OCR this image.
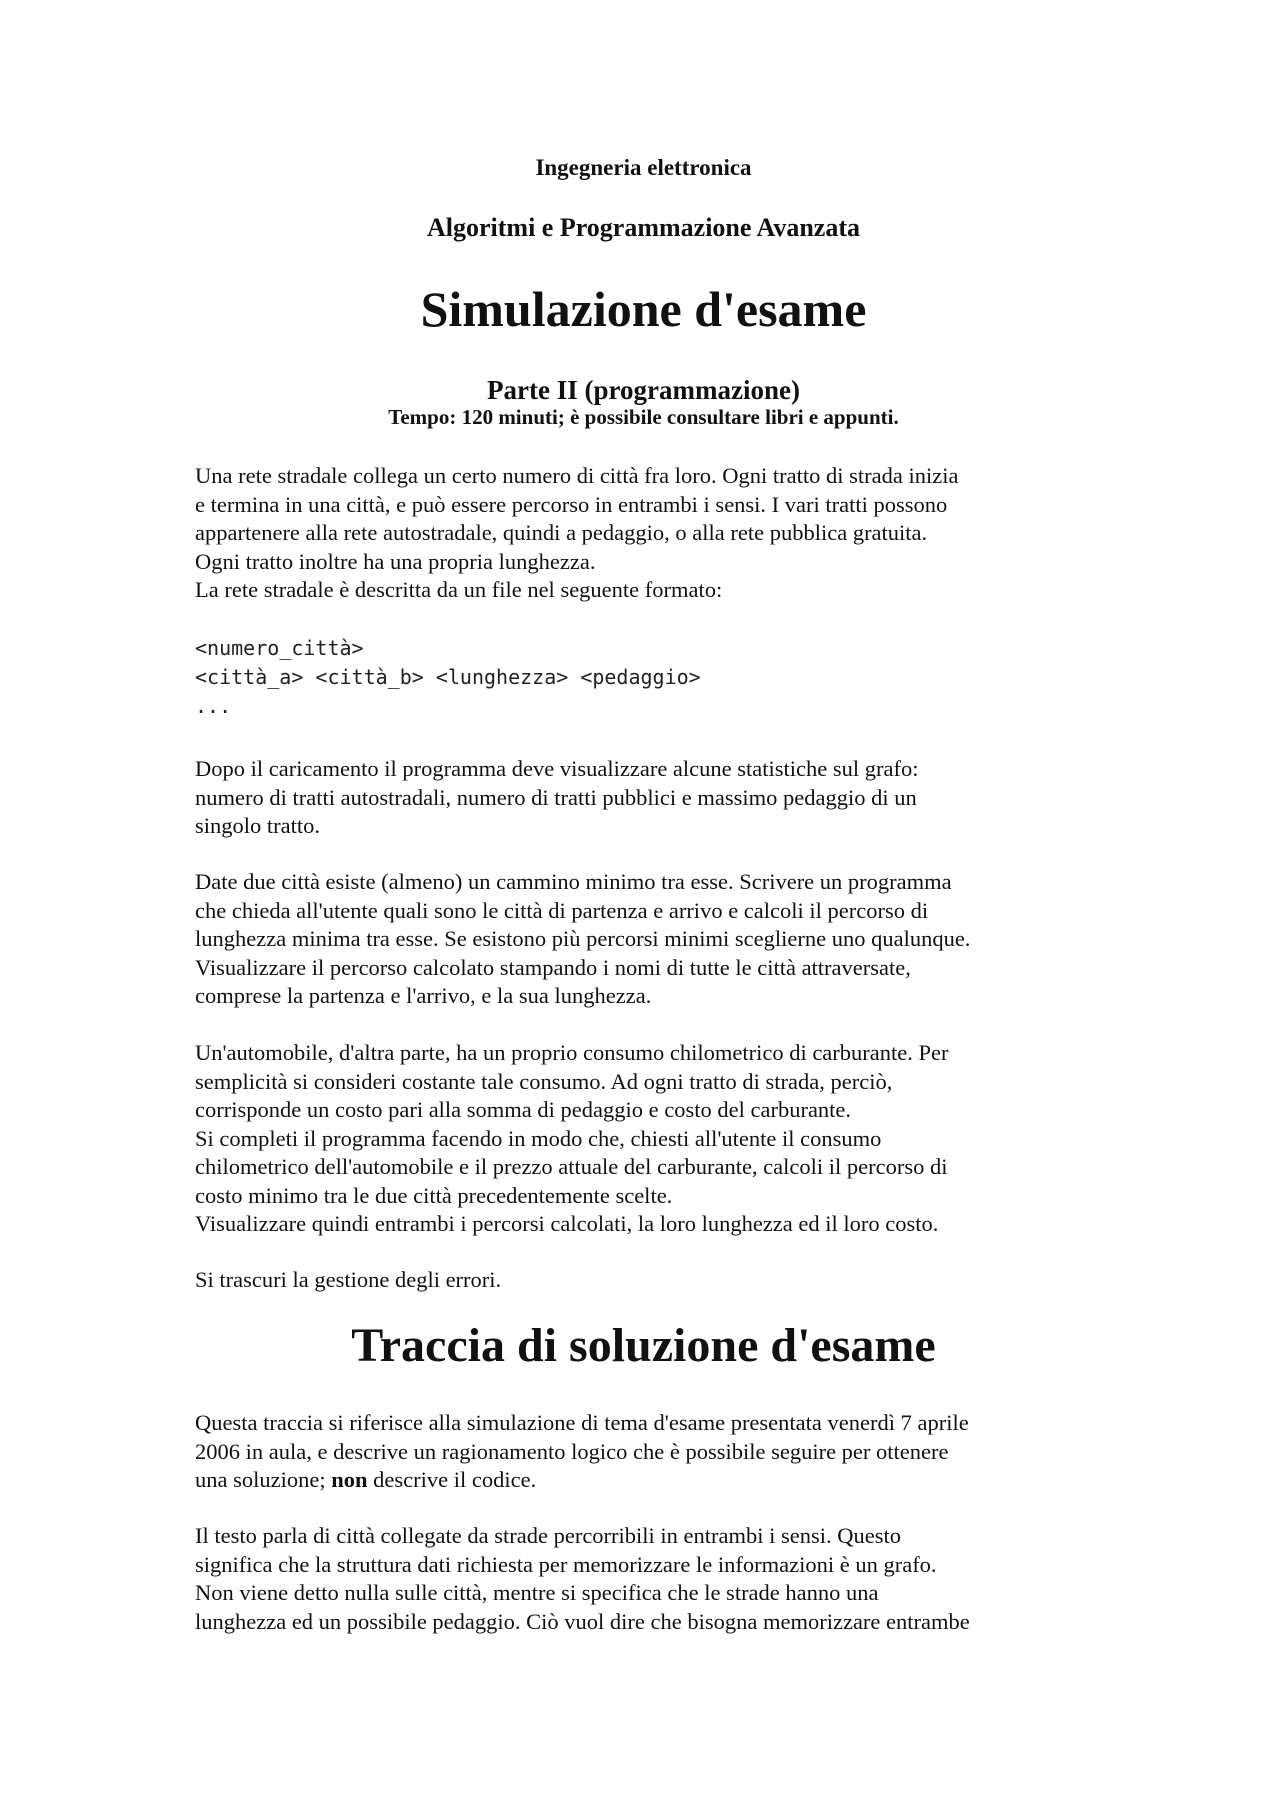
Ingegneria elettronica

Algoritmi e Programmazione Avanzata

Simulazione d'esame

Parte II (programmazione)

Tempo: 120 minuti; è possibile consultare libri e appunti.

Una rete stradale collega un certo numero di città fra loro. Ogni tratto di strada inizia

e termina in una città, e può essere percorso in entrambi i sensi. I vari tratti possono

appartenere alla rete autostradale, quindi a pedaggio, o alla rete pubblica gratuita.

Ogni tratto inoltre ha una propria lunghezza.

La rete stradale è descritta da un file nel seguente formato:

<numero_città>
<città_a> <città_b> <lunghezza> <pedaggio>
...

Dopo il caricamento il programma deve visualizzare alcune statistiche sul grafo:

numero di tratti autostradali, numero di tratti pubblici e massimo pedaggio di un

singolo tratto.

Date due città esiste (almeno) un cammino minimo tra esse. Scrivere un programma

che chieda all'utente quali sono le città di partenza e arrivo e calcoli il percorso di

lunghezza minima tra esse. Se esistono più percorsi minimi sceglierne uno qualunque.

Visualizzare il percorso calcolato stampando i nomi di tutte le città attraversate,

comprese la partenza e l'arrivo, e la sua lunghezza.

Un'automobile, d'altra parte, ha un proprio consumo chilometrico di carburante. Per

semplicità si consideri costante tale consumo. Ad ogni tratto di strada, perciò,

corrisponde un costo pari alla somma di pedaggio e costo del carburante.

Si completi il programma facendo in modo che, chiesti all'utente il consumo

chilometrico dell'automobile e il prezzo attuale del carburante, calcoli il percorso di

costo minimo tra le due città precedentemente scelte.

Visualizzare quindi entrambi i percorsi calcolati, la loro lunghezza ed il loro costo.

Si trascuri la gestione degli errori.

Traccia di soluzione d'esame

Questa traccia si riferisce alla simulazione di tema d'esame presentata venerdì 7 aprile

2006 in aula, e descrive un ragionamento logico che è possibile seguire per ottenere

una soluzione; non descrive il codice.

Il testo parla di città collegate da strade percorribili in entrambi i sensi. Questo

significa che la struttura dati richiesta per memorizzare le informazioni è un grafo.

Non viene detto nulla sulle città, mentre si specifica che le strade hanno una

lunghezza ed un possibile pedaggio. Ciò vuol dire che bisogna memorizzare entrambe
